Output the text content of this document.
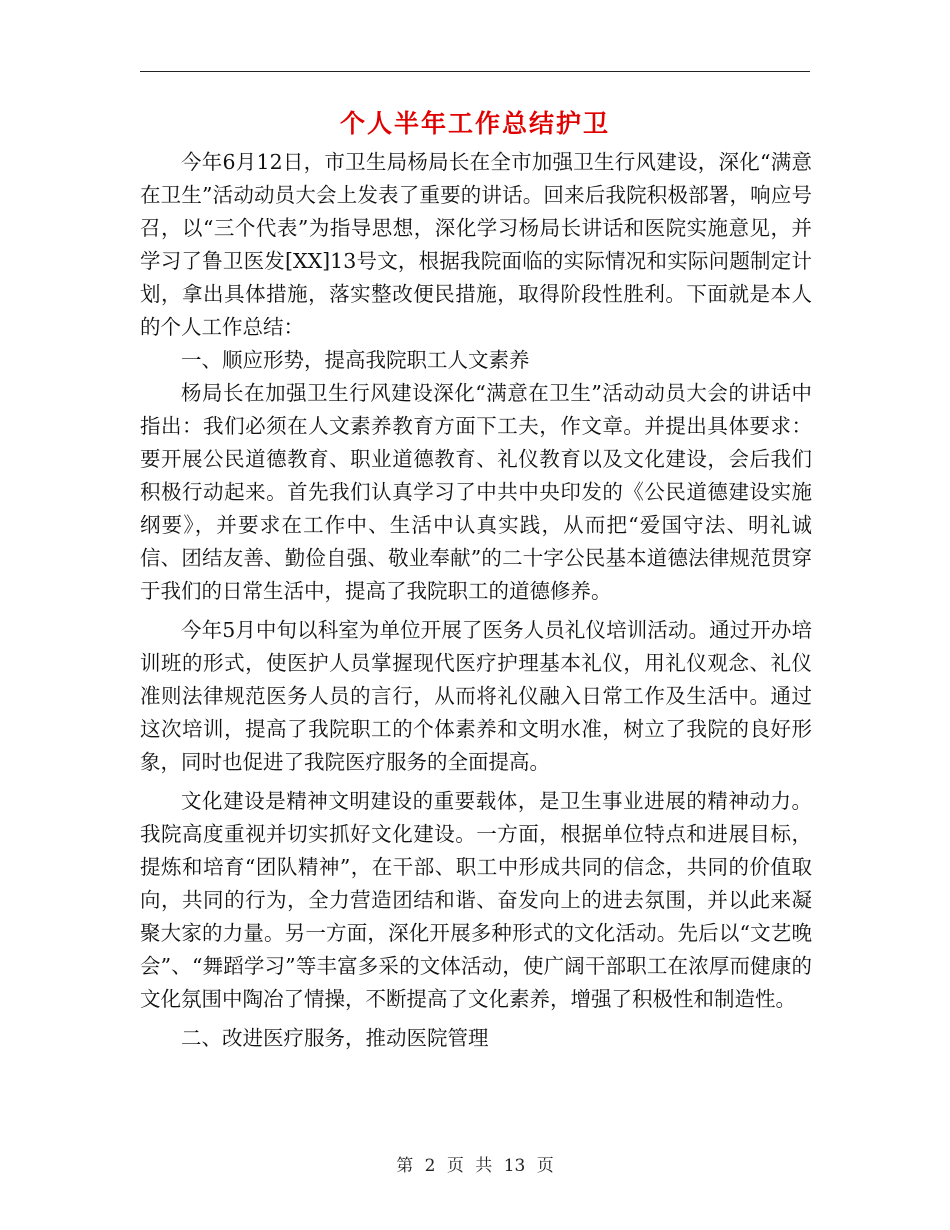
个人半年工作总结护卫

今年6月12日，市卫生局杨局长在全市加强卫生行风建设，深化“满意在卫生”活动动员大会上发表了重要的讲话。回来后我院积极部署，响应号召，以“三个代表”为指导思想，深化学习杨局长讲话和医院实施意见，并学习了鲁卫医发[XX]13号文，根据我院面临的实际情况和实际问题制定计划，拿出具体措施，落实整改便民措施，取得阶段性胜利。下面就是本人的个人工作总结：

一、顺应形势，提高我院职工人文素养

杨局长在加强卫生行风建设深化“满意在卫生”活动动员大会的讲话中指出：我们必须在人文素养教育方面下工夫，作文章。并提出具体要求：要开展公民道德教育、职业道德教育、礼仪教育以及文化建设，会后我们积极行动起来。首先我们认真学习了中共中央印发的《公民道德建设实施纲要》，并要求在工作中、生活中认真实践，从而把“爱国守法、明礼诚信、团结友善、勤俭自强、敬业奉献”的二十字公民基本道德法律规范贯穿于我们的日常生活中，提高了我院职工的道德修养。

今年5月中旬以科室为单位开展了医务人员礼仪培训活动。通过开办培训班的形式，使医护人员掌握现代医疗护理基本礼仪，用礼仪观念、礼仪准则法律规范医务人员的言行，从而将礼仪融入日常工作及生活中。通过这次培训，提高了我院职工的个体素养和文明水准，树立了我院的良好形象，同时也促进了我院医疗服务的全面提高。

文化建设是精神文明建设的重要载体，是卫生事业进展的精神动力。我院高度重视并切实抓好文化建设。一方面，根据单位特点和进展目标，提炼和培育“团队精神”，在干部、职工中形成共同的信念，共同的价值取向，共同的行为，全力营造团结和谐、奋发向上的进去氛围，并以此来凝聚大家的力量。另一方面，深化开展多种形式的文化活动。先后以“文艺晚会”、“舞蹈学习”等丰富多采的文体活动，使广阔干部职工在浓厚而健康的文化氛围中陶冶了情操，不断提高了文化素养，增强了积极性和制造性。

二、改进医疗服务，推动医院管理

第 2 页 共 13 页
